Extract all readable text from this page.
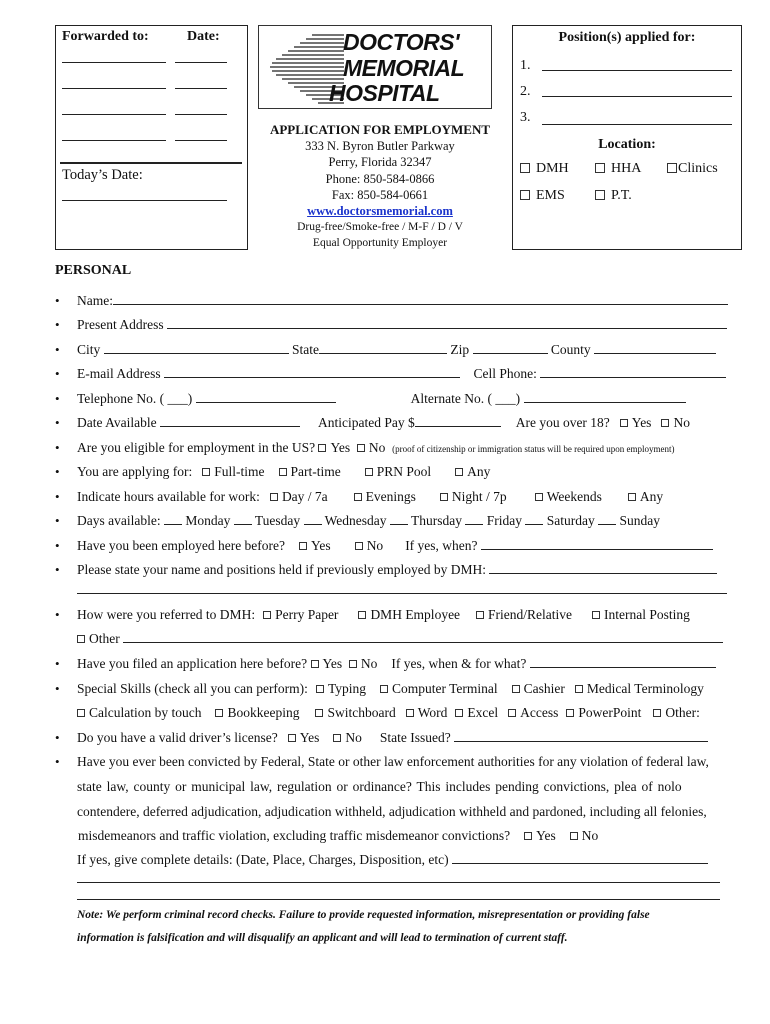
Forwarded to:	Date:
Today’s Date:
DOCTORS'
MEMORIAL
HOSPITAL
APPLICATION FOR EMPLOYMENT
333 N. Byron Butler Parkway
Perry, Florida 32347
Phone: 850-584-0866
Fax: 850-584-0661
www.doctorsmemorial.com
Drug-free/Smoke-free / M-F / D / V
Equal Opportunity Employer
Position(s) applied for:
1.
2.
3.
Location:
DMH	HHA	Clinics
EMS	P.T.
PERSONAL
• Name:
• Present Address
• City	State	Zip	County
• E-mail Address	Cell Phone:
• Telephone No. ( ___)	Alternate No. ( ___)
• Date Available	Anticipated Pay $	Are you over 18? Yes No
• Are you eligible for employment in the US? Yes No (proof of citizenship or immigration status will be required upon employment)
• You are applying for: Full-time Part-time	PRN Pool	Any
• Indicate hours available for work: Day / 7a	Evenings	Night / 7p	Weekends	Any
• Days available: Monday Tuesday Wednesday Thursday Friday Saturday Sunday
• Have you been employed here before? Yes	No If yes, when?
• Please state your name and positions held if previously employed by DMH:
• How were you referred to DMH: Perry Paper DMH Employee Friend/Relative Internal Posting
Other
• Have you filed an application here before? Yes No If yes, when & for what?
• Special Skills (check all you can perform): Typing Computer Terminal Cashier Medical Terminology
Calculation by touch Bookkeeping Switchboard Word Excel Access PowerPoint Other:
• Do you have a valid driver’s license? Yes No State Issued?
• Have you ever been convicted by Federal, State or other law enforcement authorities for any violation of federal law,
state law, county or municipal law, regulation or ordinance? This includes pending convictions, plea of nolo
contendere, deferred adjudication, adjudication withheld, adjudication withheld and pardoned, including all felonies,
misdemeanors and traffic violation, excluding traffic misdemeanor convictions? Yes No
If yes, give complete details: (Date, Place, Charges, Disposition, etc)
Note: We perform criminal record checks. Failure to provide requested information, misrepresentation or providing false
information is falsification and will disqualify an applicant and will lead to termination of current staff.
